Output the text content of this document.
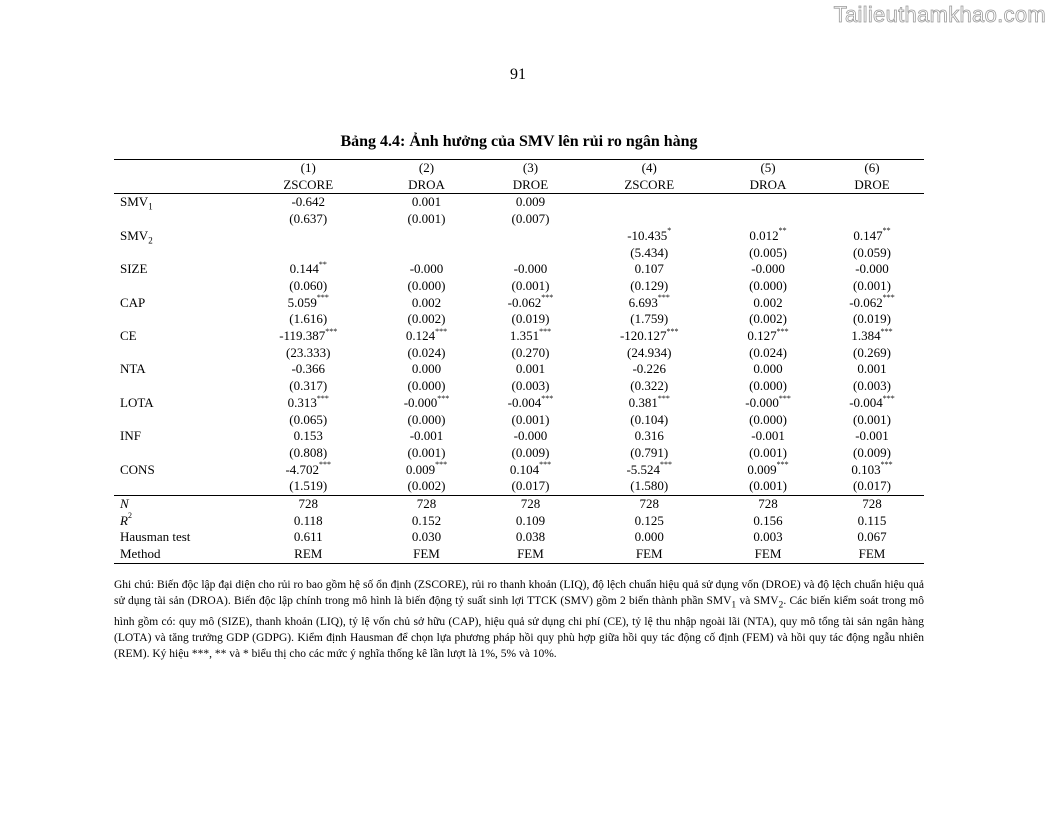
Tailieuthamkhao.com
91
Bảng 4.4: Ảnh hưởng của SMV lên rủi ro ngân hàng
	(1)	(2)	(3)	(4)	(5)	(6)
	ZSCORE	DROA	DROE	ZSCORE	DROA	DROE
$SMV_1$	-0.642	0.001	0.009			
	(0.637)	(0.001)	(0.007)			
$SMV_2$				-10.435*	0.012**	0.147**
				(5.434)	(0.005)	(0.059)
SIZE	0.144**	-0.000	-0.000	0.107	-0.000	-0.000
	(0.060)	(0.000)	(0.001)	(0.129)	(0.000)	(0.001)
CAP	5.059***	0.002	-0.062***	6.693***	0.002	-0.062***
	(1.616)	(0.002)	(0.019)	(1.759)	(0.002)	(0.019)
CE	-119.387***	0.124***	1.351***	-120.127***	0.127***	1.384***
	(23.333)	(0.024)	(0.270)	(24.934)	(0.024)	(0.269)
NTA	-0.366	0.000	0.001	-0.226	0.000	0.001
	(0.317)	(0.000)	(0.003)	(0.322)	(0.000)	(0.003)
LOTA	0.313***	-0.000***	-0.004***	0.381***	-0.000***	-0.004***
	(0.065)	(0.000)	(0.001)	(0.104)	(0.000)	(0.001)
INF	0.153	-0.001	-0.000	0.316	-0.001	-0.001
	(0.808)	(0.001)	(0.009)	(0.791)	(0.001)	(0.009)
CONS	-4.702***	0.009***	0.104***	-5.524***	0.009***	0.103***
	(1.519)	(0.002)	(0.017)	(1.580)	(0.001)	(0.017)
N	728	728	728	728	728	728
$R^2$	0.118	0.152	0.109	0.125	0.156	0.115
Hausman test	0.611	0.030	0.038	0.000	0.003	0.067
Method	REM	FEM	FEM	FEM	FEM	FEM

Ghi chú: Biến độc lập đại diện cho rủi ro bao gồm hệ số ổn định (ZSCORE), rủi ro thanh khoản (LIQ), độ lệch chuẩn hiệu quả sử dụng vốn (DROE) và độ lệch chuẩn hiệu quả sử dụng tài sản (DROA). Biến độc lập chính trong mô hình là biến động tỷ suất sinh lợi TTCK (SMV) gồm 2 biến thành phần $SMV_1$ và $SMV_2$. Các biến kiểm soát trong mô hình gồm có: quy mô (SIZE), thanh khoản (LIQ), tỷ lệ vốn chủ sở hữu (CAP), hiệu quả sử dụng chi phí (CE), tỷ lệ thu nhập ngoài lãi (NTA), quy mô tổng tài sản ngân hàng (LOTA) và tăng trưởng GDP (GDPG). Kiểm định Hausman để chọn lựa phương pháp hồi quy phù hợp giữa hồi quy tác động cố định (FEM) và hồi quy tác động ngẫu nhiên (REM). Ký hiệu ***, ** và * biểu thị cho các mức ý nghĩa thống kê lần lượt là 1%, 5% và 10%.
